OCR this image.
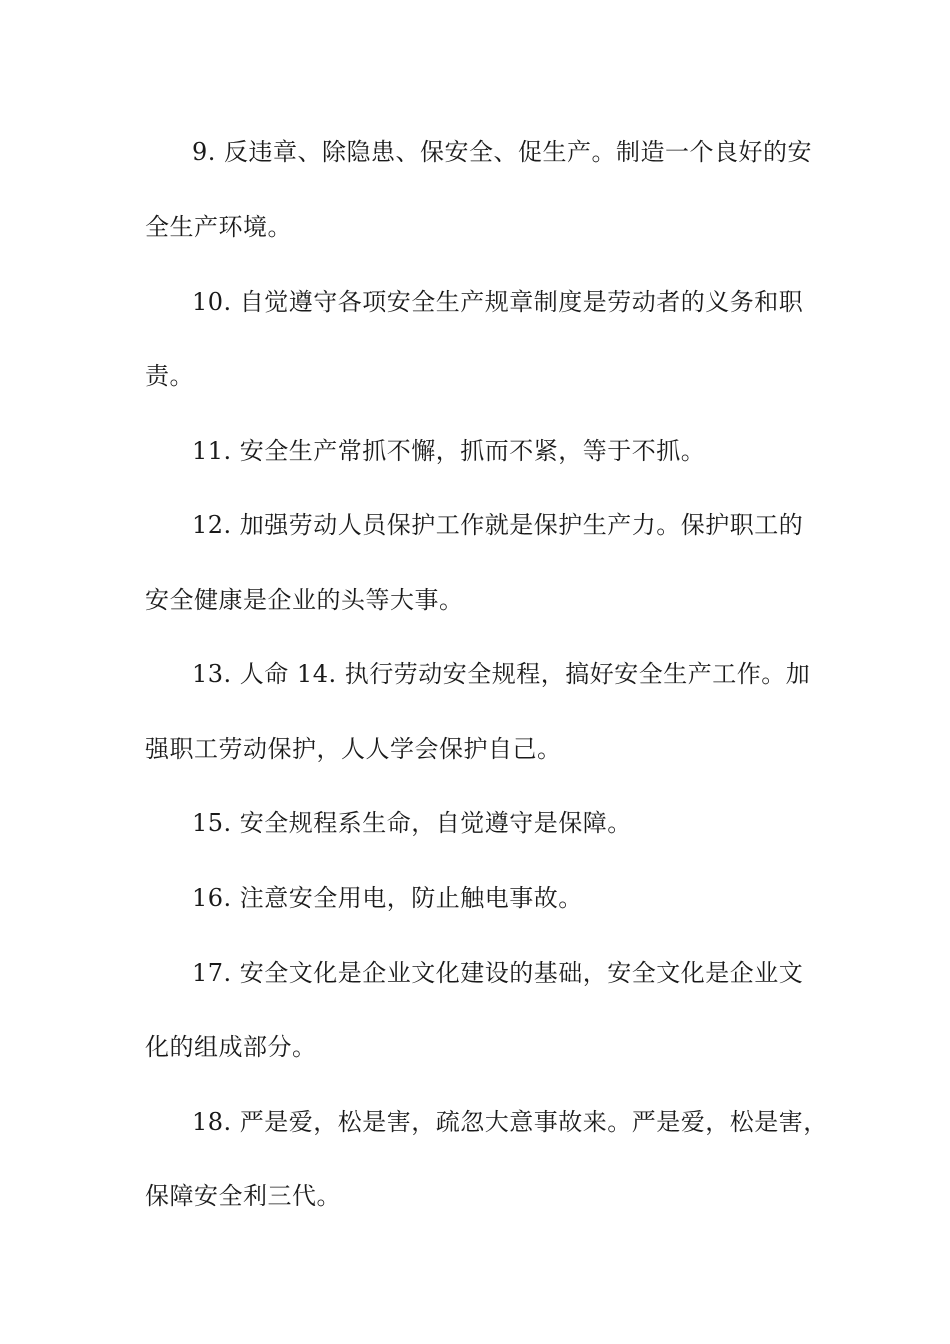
9. 反违章、除隐患、保安全、促生产。制造一个良好的安
全生产环境。
10. 自觉遵守各项安全生产规章制度是劳动者的义务和职
责。
11. 安全生产常抓不懈，抓而不紧，等于不抓。
12. 加强劳动人员保护工作就是保护生产力。保护职工的
安全健康是企业的头等大事。
13. 人命 14. 执行劳动安全规程，搞好安全生产工作。加
强职工劳动保护，人人学会保护自己。
15. 安全规程系生命，自觉遵守是保障。
16. 注意安全用电，防止触电事故。
17. 安全文化是企业文化建设的基础，安全文化是企业文
化的组成部分。
18. 严是爱，松是害，疏忽大意事故来。严是爱，松是害，
保障安全利三代。
